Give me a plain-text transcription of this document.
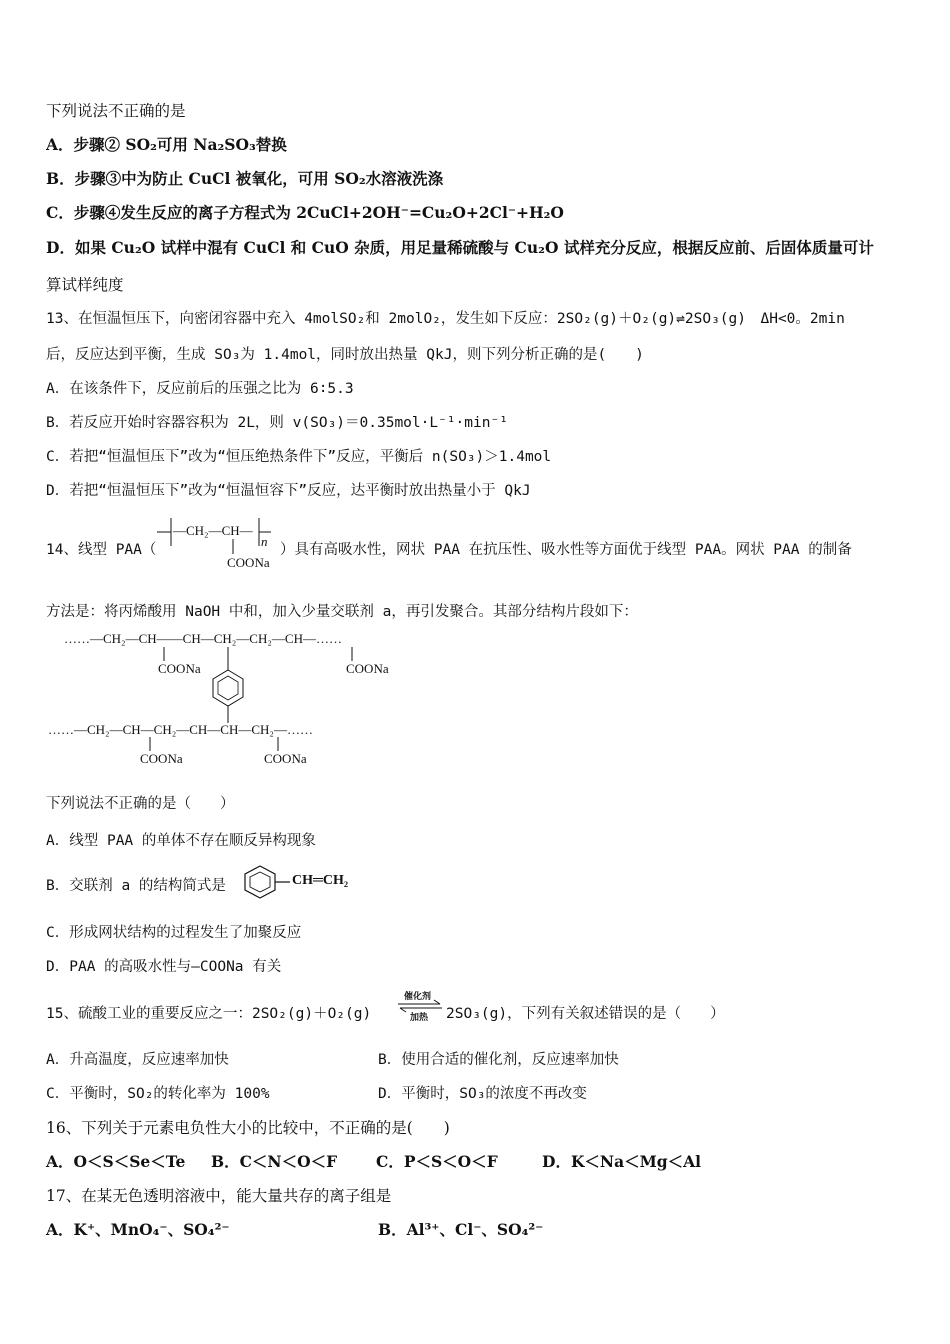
下列说法不正确的是
A．步骤② SO₂可用 Na₂SO₃替换
B．步骤③中为防止 CuCl 被氧化，可用 SO₂水溶液洗涤
C．步骤④发生反应的离子方程式为 2CuCl+2OH⁻=Cu₂O+2Cl⁻+H₂O
D．如果 Cu₂O 试样中混有 CuCl 和 CuO 杂质，用足量稀硫酸与 Cu₂O 试样充分反应，根据反应前、后固体质量可计
算试样纯度
13、在恒温恒压下，向密闭容器中充入 4molSO₂和 2molO₂，发生如下反应：2SO₂(g)＋O₂(g)⇌2SO₃(g)　ΔH<0。2min
后，反应达到平衡，生成 SO₃为 1.4mol，同时放出热量 QkJ，则下列分析正确的是(　　)
A．在该条件下，反应前后的压强之比为 6∶5.3
B．若反应开始时容器容积为 2L，则 v(SO₃)＝0.35mol·L⁻¹·min⁻¹
C．若把“恒温恒压下”改为“恒压绝热条件下”反应，平衡后 n(SO₃)＞1.4mol
D．若把“恒温恒压下”改为“恒温恒容下”反应，达平衡时放出热量小于 QkJ
14、线型 PAA（
—CH₂—CH—
n
COONa
）具有高吸水性，网状 PAA 在抗压性、吸水性等方面优于线型 PAA。网状 PAA 的制备
方法是：将丙烯酸用 NaOH 中和，加入少量交联剂 a，再引发聚合。其部分结构片段如下：
……—CH₂—CH——CH—CH₂—CH₂—CH—……
COONa	COONa
……—CH₂—CH—CH₂—CH—CH—CH₂—……
COONa	COONa
下列说法不正确的是（　　）
A．线型 PAA 的单体不存在顺反异构现象
B．交联剂 a 的结构简式是	CH═CH₂
C．形成网状结构的过程发生了加聚反应
D．PAA 的高吸水性与—COONa 有关
15、硫酸工业的重要反应之一：2SO₂(g)＋O₂(g)
催化剂
加热 2SO₃(g)，下列有关叙述错误的是（　　）
A．升高温度，反应速率加快	B．使用合适的催化剂，反应速率加快
C．平衡时，SO₂的转化率为 100%	D．平衡时，SO₃的浓度不再改变
16、下列关于元素电负性大小的比较中，不正确的是(　　)
A．O＜S＜Se＜Te B．C＜N＜O＜F	C．P＜S＜O＜F	D．K＜Na＜Mg＜Al
17、在某无色透明溶液中，能大量共存的离子组是
A．K⁺、MnO₄⁻、SO₄²⁻	B．Al³⁺、Cl⁻、SO₄²⁻
